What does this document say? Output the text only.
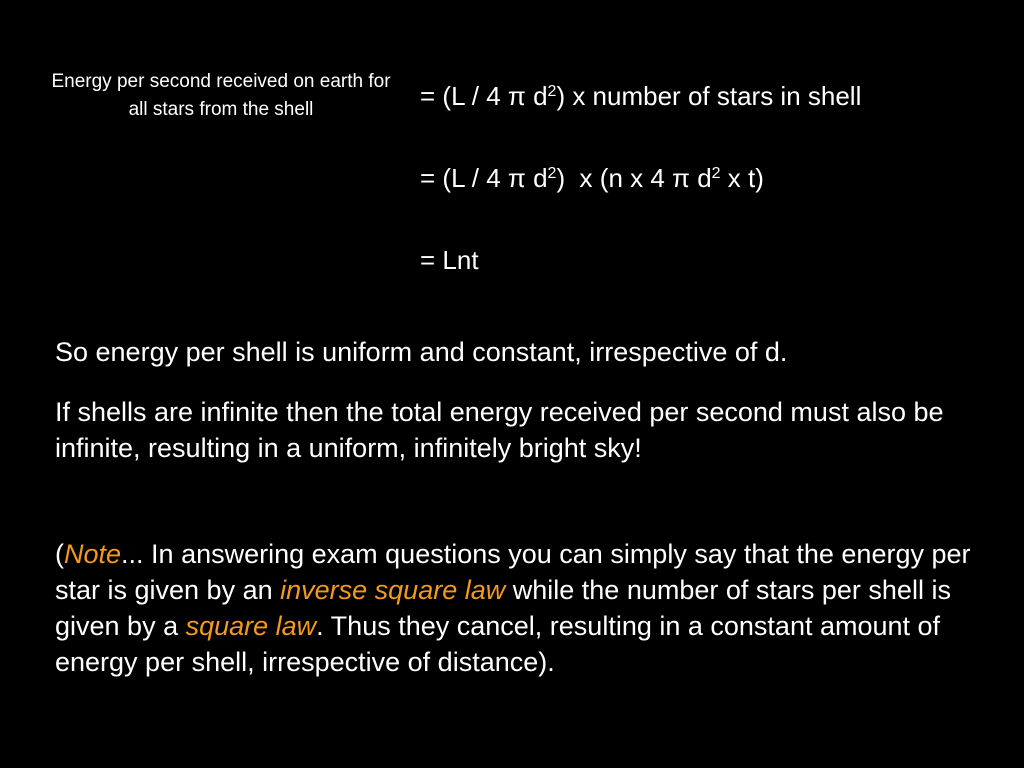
Energy per second received on earth for all stars from the shell	= (L / 4 π $d^2$) x number of stars in shell
= (L / 4 π $d^2$)  x (n x 4 π $d^2$ x t)
= Lnt
So energy per shell is uniform and constant, irrespective of d.
If shells are infinite then the total energy received per second must also be infinite, resulting in a uniform, infinitely bright sky!
(Note... In answering exam questions you can simply say that the energy per star is given by an inverse square law while the number of stars per shell is given by a square law. Thus they cancel, resulting in a constant amount of energy per shell, irrespective of distance).
